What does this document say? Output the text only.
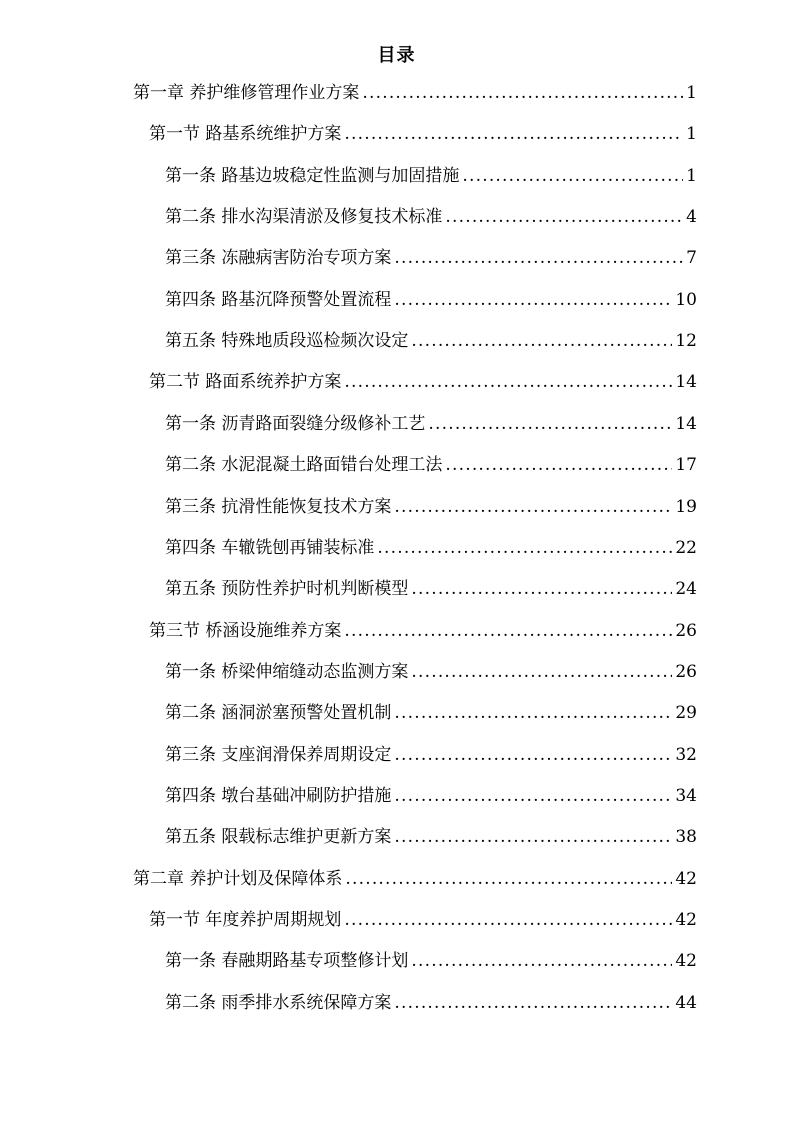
目录
第一章 养护维修管理作业方案 .....	1
第一节 路基系统维护方案 .....	1
第一条 路基边坡稳定性监测与加固措施 .....	1
第二条 排水沟渠清淤及修复技术标准 .....	4
第三条 冻融病害防治专项方案 .....	7
第四条 路基沉降预警处置流程 .....	10
第五条 特殊地质段巡检频次设定 .....	12
第二节 路面系统养护方案 .....	14
第一条 沥青路面裂缝分级修补工艺 .....	14
第二条 水泥混凝土路面错台处理工法 .....	17
第三条 抗滑性能恢复技术方案 .....	19
第四条 车辙铣刨再铺装标准 .....	22
第五条 预防性养护时机判断模型 .....	24
第三节 桥涵设施维养方案 .....	26
第一条 桥梁伸缩缝动态监测方案 .....	26
第二条 涵洞淤塞预警处置机制 .....	29
第三条 支座润滑保养周期设定 .....	32
第四条 墩台基础冲刷防护措施 .....	34
第五条 限载标志维护更新方案 .....	38
第二章 养护计划及保障体系 .....	42
第一节 年度养护周期规划 .....	42
第一条 春融期路基专项整修计划 .....	42
第二条 雨季排水系统保障方案 .....	44
